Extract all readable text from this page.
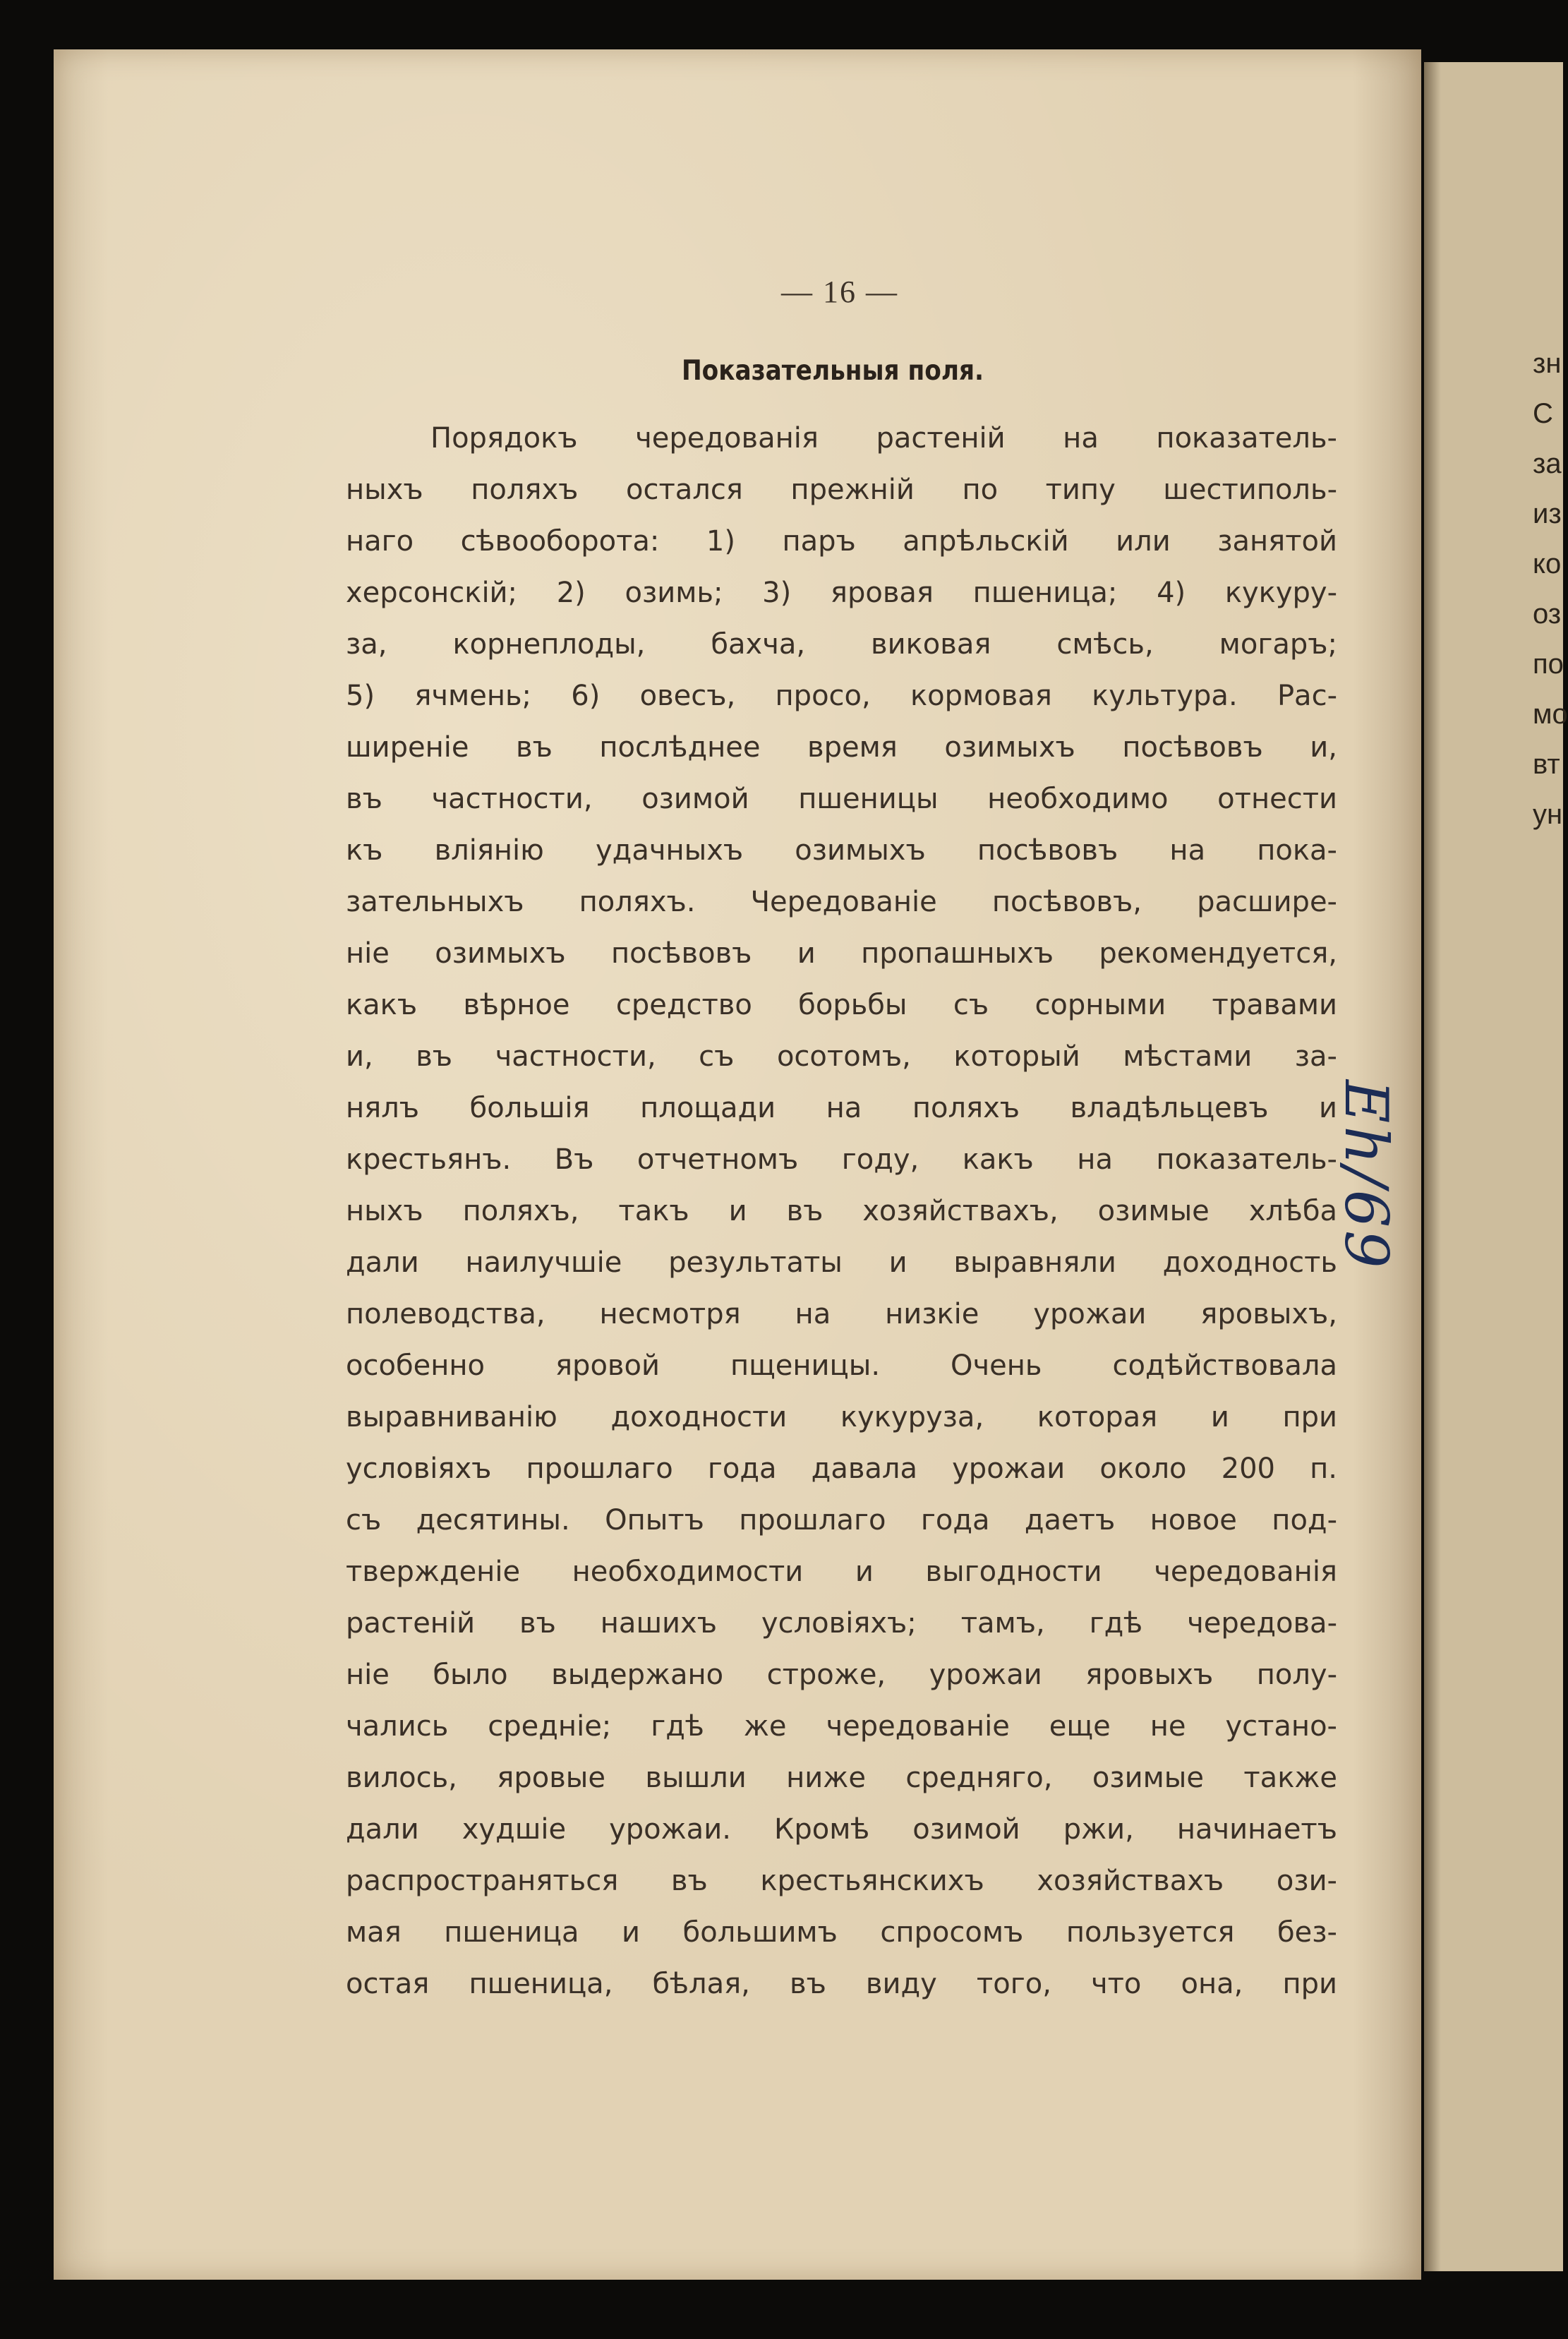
зн
С
за
из
ко
оз
по
мо
вт
ун
— 16 —
Показательныя поля.
Порядокъ чередованія растеній на показатель-
ныхъ поляхъ остался прежній по типу шестиполь-
наго сѣвооборота: 1) паръ апрѣльскій или занятой
херсонскій; 2) озимь; 3) яровая пшеница; 4) кукуру-
за, корнеплоды, бахча, виковая смѣсь, могаръ;
5) ячмень; 6) овесъ, просо, кормовая культура. Рас-
ширеніе въ послѣднее время озимыхъ посѣвовъ и,
въ частности, озимой пшеницы необходимо отнести
къ вліянію удачныхъ озимыхъ посѣвовъ на пока-
зательныхъ поляхъ. Чередованіе посѣвовъ, расшире-
ніе озимыхъ посѣвовъ и пропашныхъ рекомендуется,
какъ вѣрное средство борьбы съ сорными травами
и, въ частности, съ осотомъ, который мѣстами за-
нялъ большія площади на поляхъ владѣльцевъ и
крестьянъ. Въ отчетномъ году, какъ на показатель-
ныхъ поляхъ, такъ и въ хозяйствахъ, озимые хлѣба
дали наилучшіе результаты и выравняли доходность
полеводства, несмотря на низкіе урожаи яровыхъ,
особенно яровой пщеницы. Очень содѣйствовала
выравниванію доходности кукуруза, которая и при
условіяхъ прошлаго года давала урожаи около 200 п.
съ десятины. Опытъ прошлаго года даетъ новое под-
твержденіе необходимости и выгодности чередованія
растеній въ нашихъ условіяхъ; тамъ, гдѣ чередова-
ніе было выдержано строже, урожаи яровыхъ полу-
чались средніе; гдѣ же чередованіе еще не устано-
вилось, яровые вышли ниже средняго, озимые также
дали худшіе урожаи. Кромѣ озимой ржи, начинаетъ
распространяться въ крестьянскихъ хозяйствахъ ози-
мая пшеница и большимъ спросомъ пользуется без-
остая пшеница, бѣлая, въ виду того, что она, при
Eh/69
